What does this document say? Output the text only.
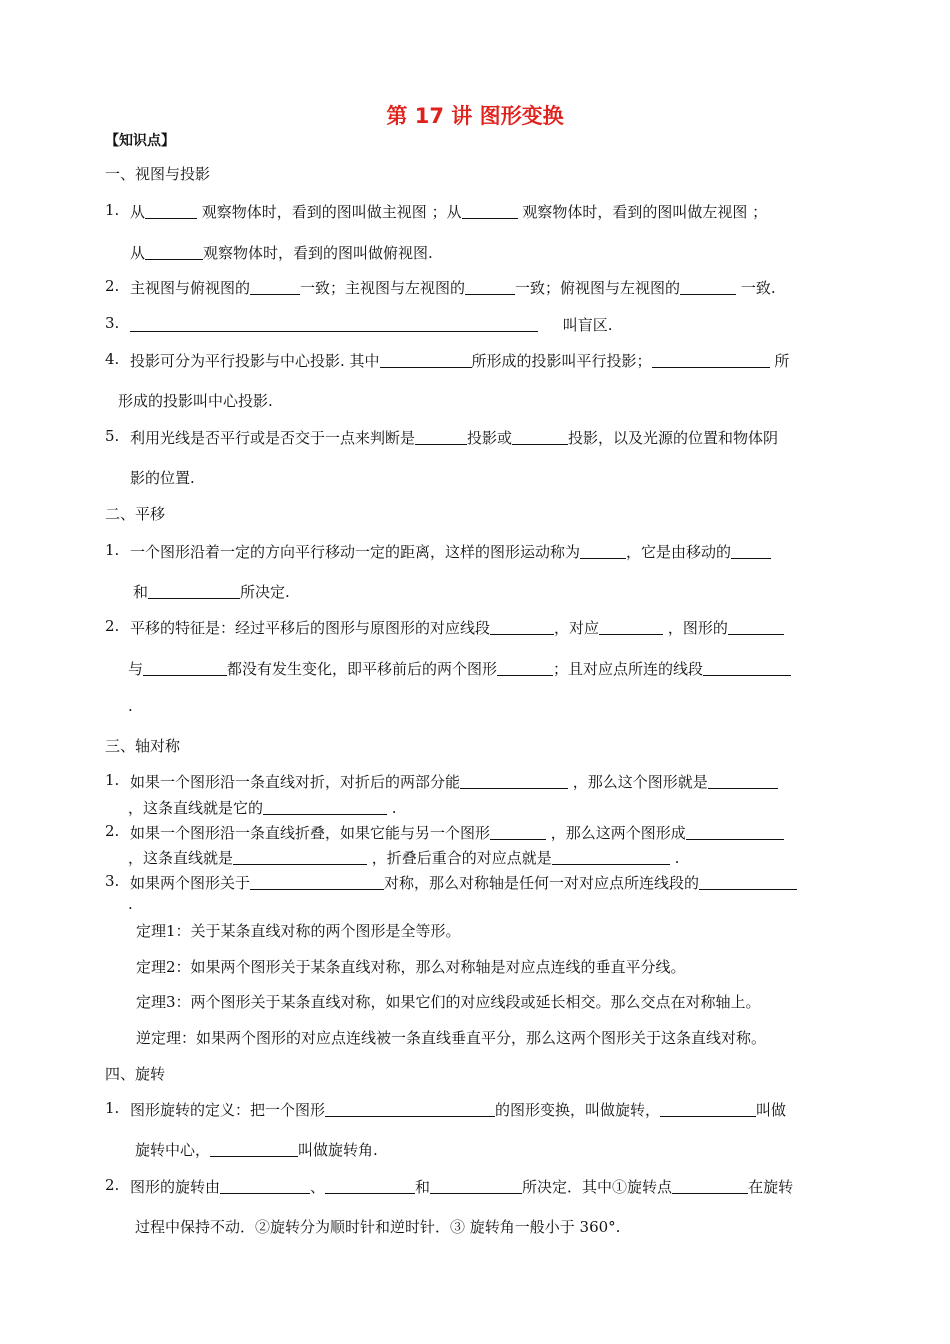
第 17 讲 图形变换
【知识点】
一、视图与投影
1. 从	观察物体时，看到的图叫做主视图 ；从	观察物体时，看到的图叫做左视图 ；
从	观察物体时，看到的图叫做俯视图.
2. 主视图与俯视图的	一致；主视图与左视图的	一致；俯视图与左视图的	一致.
3.	叫盲区.
4. 投影可分为平行投影与中心投影. 其中	所形成的投影叫平行投影；	所
形成的投影叫中心投影.
5. 利用光线是否平行或是否交于一点来判断是	投影或	投影，以及光源的位置和物体阴
影的位置.
二、平移
1. 一个图形沿着一定的方向平行移动一定的距离，这样的图形运动称为	，它是由移动的
和	所决定.
2. 平移的特征是：经过平移后的图形与原图形的对应线段	，对应	，图形的
与	都没有发生变化，即平移前后的两个图形	；且对应点所连的线段
.
三、轴对称
1. 如果一个图形沿一条直线对折，对折后的两部分能	，那么这个图形就是
，这条直线就是它的	.
2. 如果一个图形沿一条直线折叠，如果它能与另一个图形	，那么这两个图形成
，这条直线就是	，折叠后重合的对应点就是	.
3. 如果两个图形关于	对称，那么对称轴是任何一对对应点所连线段的
.
定理1：关于某条直线对称的两个图形是全等形。
定理2：如果两个图形关于某条直线对称，那么对称轴是对应点连线的垂直平分线。
定理3：两个图形关于某条直线对称，如果它们的对应线段或延长相交。那么交点在对称轴上。
逆定理：如果两个图形的对应点连线被一条直线垂直平分，那么这两个图形关于这条直线对称。
四、旋转
1. 图形旋转的定义：把一个图形	的图形变换，叫做旋转，	叫做
旋转中心，	叫做旋转角.
2. 图形的旋转由	、	和	所决定．其中①旋转点	在旋转
过程中保持不动．②旋转分为顺时针和逆时针．③ 旋转角一般小于 360°.
